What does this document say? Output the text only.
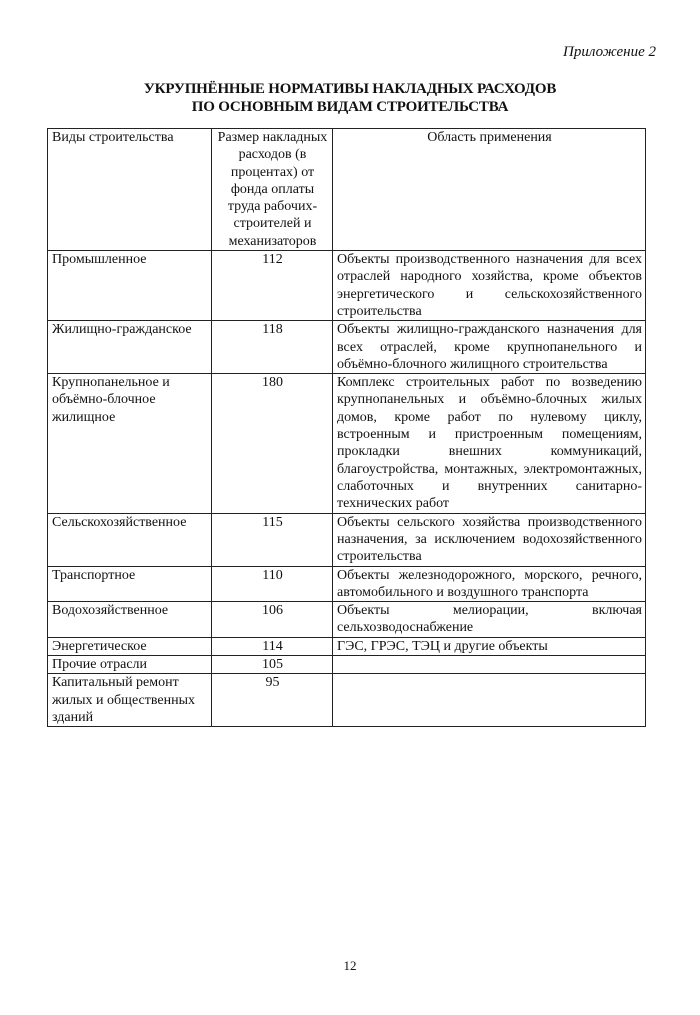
Приложение 2
УКРУПНЁННЫЕ НОРМАТИВЫ НАКЛАДНЫХ РАСХОДОВ
ПО ОСНОВНЫМ ВИДАМ СТРОИТЕЛЬСТВА
Виды строительства	Размер накладных расходов (в процентах) от фонда оплаты труда рабочих-строителей и механизаторов	Область применения
Промышленное	112	Объекты производственного назначения для всех отраслей народного хозяйства, кроме объектов энергетического и сельскохозяйственного строительства
Жилищно-гражданское	118	Объекты жилищно-гражданского назначения для всех отраслей, кроме крупнопанельного и объёмно-блочного жилищного строительства
Крупнопанельное и объёмно-блочное жилищное	180	Комплекс строительных работ по возведению крупнопанельных и объёмно-блочных жилых домов, кроме работ по нулевому циклу, встроенным и пристроенным помещениям, прокладки внешних коммуникаций, благоустройства, монтажных, электромонтажных, слаботочных и внутренних санитарно-технических работ
Сельскохозяйственное	115	Объекты сельского хозяйства производственного назначения, за исключением водохозяйственного строительства
Транспортное	110	Объекты железнодорожного, морского, речного, автомобильного и воздушного транспорта
Водохозяйственное	106	Объекты мелиорации, включая сельхозводоснабжение
Энергетическое	114	ГЭС, ГРЭС, ТЭЦ и другие объекты
Прочие отрасли	105	
Капитальный ремонт жилых и общественных зданий	95	
12
